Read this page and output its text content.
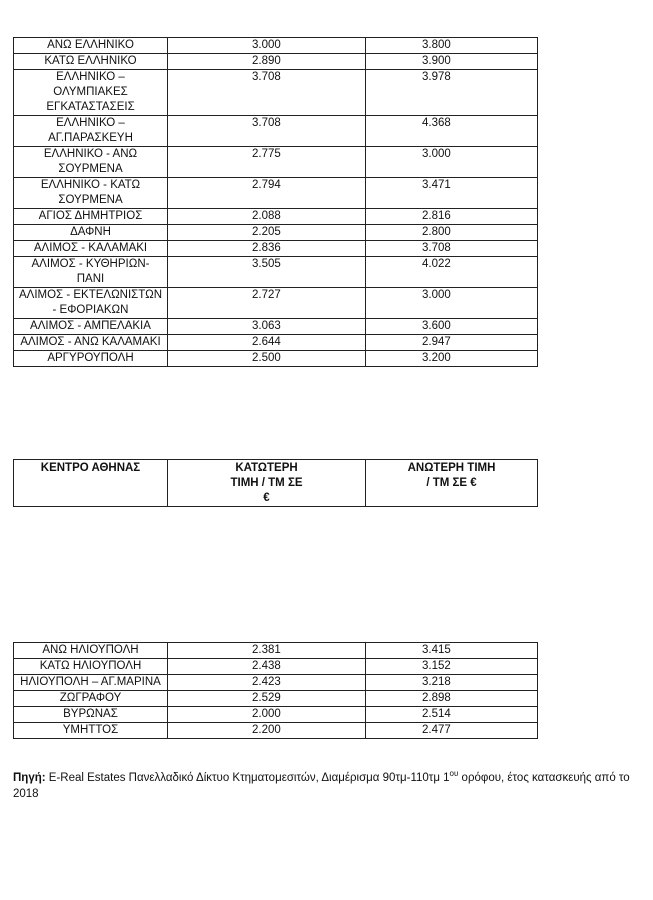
ΑΝΩ ΕΛΛΗΝΙΚΟ	3.000	3.800
ΚΑΤΩ ΕΛΛΗΝΙΚΟ	2.890	3.900
ΕΛΛΗΝΙΚΟ – ΟΛΥΜΠΙΑΚΕΣ ΕΓΚΑΤΑΣΤΑΣΕΙΣ	3.708	3.978
ΕΛΛΗΝΙΚΟ – ΑΓ.ΠΑΡΑΣΚΕΥΗ	3.708	4.368
ΕΛΛΗΝΙΚΟ - ΑΝΩ ΣΟΥΡΜΕΝΑ	2.775	3.000
ΕΛΛΗΝΙΚΟ - ΚΑΤΩ ΣΟΥΡΜΕΝΑ	2.794	3.471
ΑΓΙΟΣ ΔΗΜΗΤΡΙΟΣ	2.088	2.816
ΔΑΦΝΗ	2.205	2.800
ΑΛΙΜΟΣ - ΚΑΛΑΜΑΚΙ	2.836	3.708
ΑΛΙΜΟΣ - ΚΥΘΗΡΙΩΝ-ΠΑΝΙ	3.505	4.022
ΑΛΙΜΟΣ - ΕΚΤΕΛΩΝΙΣΤΩΝ - ΕΦΟΡΙΑΚΩΝ	2.727	3.000
ΑΛΙΜΟΣ - ΑΜΠΕΛΑΚΙΑ	3.063	3.600
ΑΛΙΜΟΣ - ΑΝΩ ΚΑΛΑΜΑΚΙ	2.644	2.947
ΑΡΓΥΡΟΥΠΟΛΗ	2.500	3.200
ΚΕΝΤΡΟ ΑΘΗΝΑΣ	ΚΑΤΩΤΕΡΗ ΤΙΜΗ / ΤΜ ΣΕ €	ΑΝΩΤΕΡΗ ΤΙΜΗ / ΤΜ ΣΕ €
ΑΝΩ ΗΛΙΟΥΠΟΛΗ	2.381	3.415
ΚΑΤΩ ΗΛΙΟΥΠΟΛΗ	2.438	3.152
ΗΛΙΟΥΠΟΛΗ – ΑΓ.ΜΑΡΙΝΑ	2.423	3.218
ΖΩΓΡΑΦΟΥ	2.529	2.898
ΒΥΡΩΝΑΣ	2.000	2.514
ΥΜΗΤΤΟΣ	2.200	2.477
Πηγή: E-Real Estates Πανελλαδικό Δίκτυο Κτηματομεσιτών, Διαμέρισμα 90τμ-110τμ $1^{o\upsilon}$ ορόφου, έτος κατασκευής από το 2018
